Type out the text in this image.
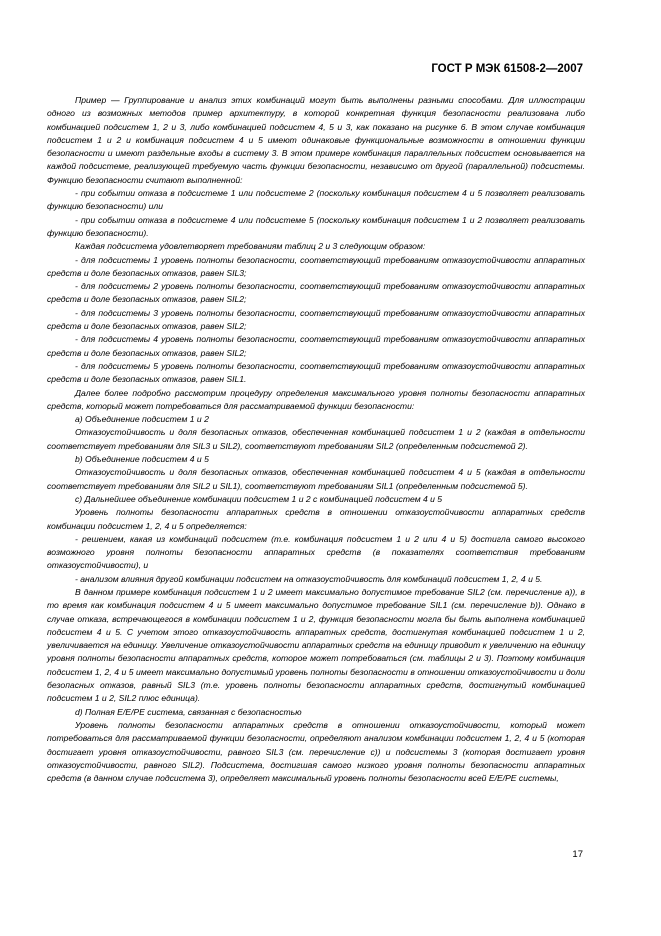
ГОСТ Р МЭК 61508-2—2007

Пример — Группирование и анализ этих комбинаций могут быть выполнены разными способами. Для иллюстрации одного из возможных методов пример архитектуру, в которой конкретная функция безопасности реализована либо комбинацией подсистем 1, 2 и 3, либо комбинацией подсистем 4, 5 и 3, как показано на рисунке 6. В этом случае комбинация подсистем 1 и 2 и комбинация подсистем 4 и 5 имеют одинаковые функциональные возможности в отношении функции безопасности и имеют раздельные входы в систему 3. В этом примере комбинация параллельных подсистем основывается на каждой подсистеме, реализующей требуемую часть функции безопасности, независимо от другой (параллельной) подсистемы. Функцию безопасности считают выполненной:

- при событии отказа в подсистеме 1 или подсистеме 2 (поскольку комбинация подсистем 4 и 5 позволяет реализовать функцию безопасности) или

- при событии отказа в подсистеме 4 или подсистеме 5 (поскольку комбинация подсистем 1 и 2 позволяет реализовать функцию безопасности).

Каждая подсистема удовлетворяет требованиям таблиц 2 и 3 следующим образом:

- для подсистемы 1 уровень полноты безопасности, соответствующий требованиям отказоустойчивости аппаратных средств и доле безопасных отказов, равен SIL3;

- для подсистемы 2 уровень полноты безопасности, соответствующий требованиям отказоустойчивости аппаратных средств и доле безопасных отказов, равен SIL2;

- для подсистемы 3 уровень полноты безопасности, соответствующий требованиям отказоустойчивости аппаратных средств и доле безопасных отказов, равен SIL2;

- для подсистемы 4 уровень полноты безопасности, соответствующий требованиям отказоустойчивости аппаратных средств и доле безопасных отказов, равен SIL2;

- для подсистемы 5 уровень полноты безопасности, соответствующий требованиям отказоустойчивости аппаратных средств и доле безопасных отказов, равен SIL1.

Далее более подробно рассмотрим процедуру определения максимального уровня полноты безопасности аппаратных средств, который может потребоваться для рассматриваемой функции безопасности:

a) Объединение подсистем 1 и 2

Отказоустойчивость и доля безопасных отказов, обеспеченная комбинацией подсистем 1 и 2 (каждая в отдельности соответствует требованиям для SIL3 и SIL2), соответствуют требованиям SIL2 (определенным подсистемой 2).

b) Объединение подсистем 4 и 5

Отказоустойчивость и доля безопасных отказов, обеспеченная комбинацией подсистем 4 и 5 (каждая в отдельности соответствует требованиям для SIL2 и SIL1), соответствуют требованиям SIL1 (определенным подсистемой 5).

c) Дальнейшее объединение комбинации подсистем 1 и 2 с комбинацией подсистем 4 и 5

Уровень полноты безопасности аппаратных средств в отношении отказоустойчивости аппаратных средств комбинации подсистем 1, 2, 4 и 5 определяется:

- решением, какая из комбинаций подсистем (т.е. комбинация подсистем 1 и 2 или 4 и 5) достигла самого высокого возможного уровня полноты безопасности аппаратных средств (в показателях соответствия требованиям отказоустойчивости), и

- анализом влияния другой комбинации подсистем на отказоустойчивость для комбинаций подсистем 1, 2, 4 и 5.

В данном примере комбинация подсистем 1 и 2 имеет максимально допустимое требование SIL2 (см. перечисление а)), в то время как комбинация подсистем 4 и 5 имеет максимально допустимое требование SIL1 (см. перечисление b)). Однако в случае отказа, встречающегося в комбинации подсистем 1 и 2, функция безопасности могла бы быть выполнена комбинацией подсистем 4 и 5. С учетом этого отказоустойчивость аппаратных средств, достигнутая комбинацией подсистем 1 и 2, увеличивается на единицу. Увеличение отказоустойчивости аппаратных средств на единицу приводит к увеличению на единицу уровня полноты безопасности аппаратных средств, которое может потребоваться (см. таблицы 2 и 3). Поэтому комбинация подсистем 1, 2, 4 и 5 имеет максимально допустимый уровень полноты безопасности в отношении отказоустойчивости и доли безопасных отказов, равный SIL3 (т.е. уровень полноты безопасности аппаратных средств, достигнутый комбинацией подсистем 1 и 2, SIL2 плюс единица).

d) Полная E/E/PE система, связанная с безопасностью

Уровень полноты безопасности аппаратных средств в отношении отказоустойчивости, который может потребоваться для рассматриваемой функции безопасности, определяют анализом комбинации подсистем 1, 2, 4 и 5 (которая достигает уровня отказоустойчивости, равного SIL3 (см. перечисление с)) и подсистемы 3 (которая достигает уровня отказоустойчивости, равного SIL2). Подсистема, достигшая самого низкого уровня полноты безопасности аппаратных средств (в данном случае подсистема 3), определяет максимальный уровень полноты безопасности всей E/E/PE системы,

17
